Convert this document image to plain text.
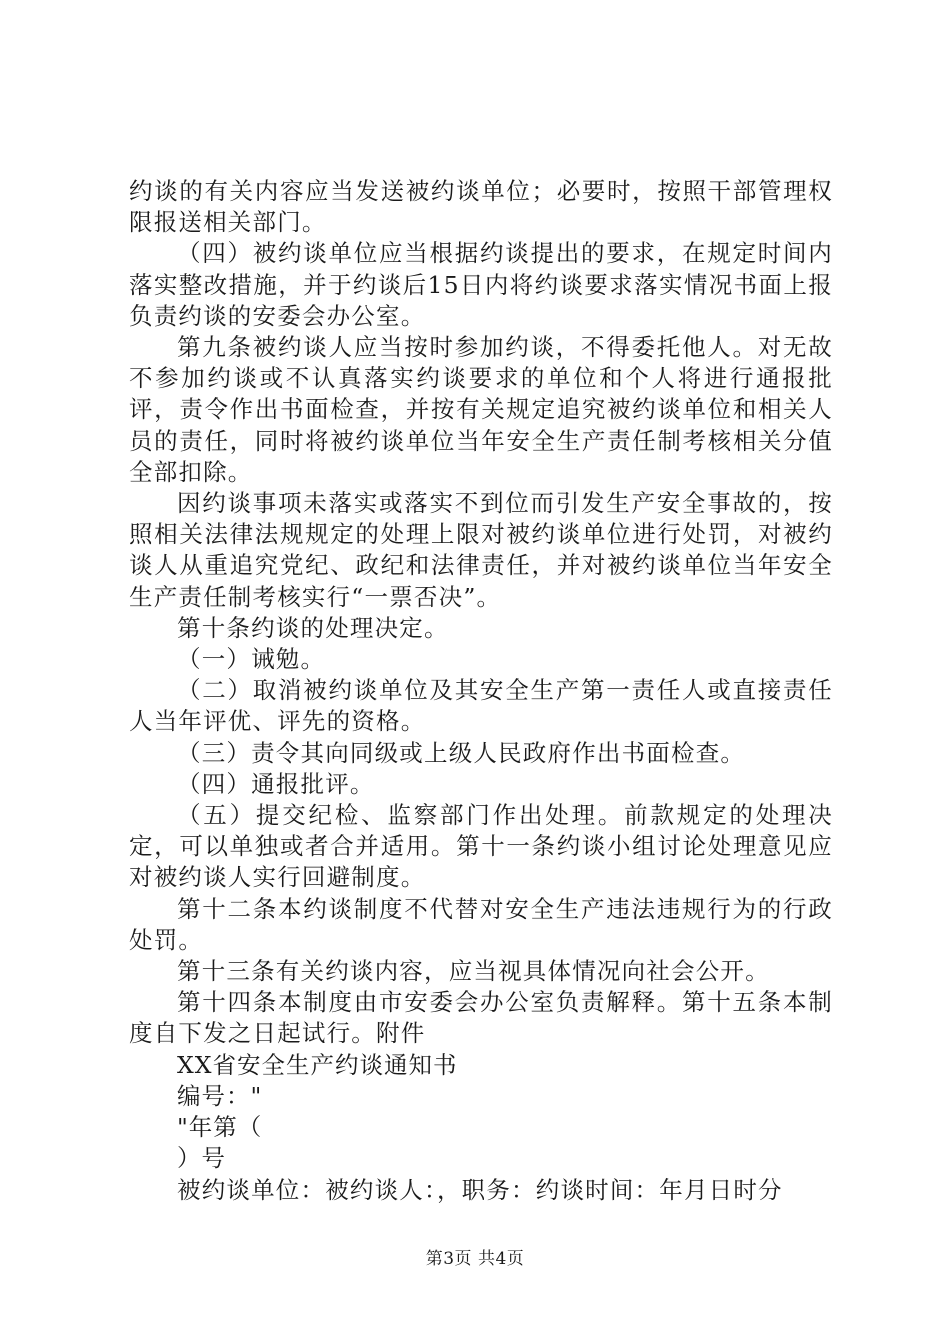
约谈的有关内容应当发送被约谈单位；必要时，按照干部管理权限报送相关部门。

（四）被约谈单位应当根据约谈提出的要求，在规定时间内落实整改措施，并于约谈后15日内将约谈要求落实情况书面上报负责约谈的安委会办公室。

第九条被约谈人应当按时参加约谈，不得委托他人。对无故不参加约谈或不认真落实约谈要求的单位和个人将进行通报批评，责令作出书面检查，并按有关规定追究被约谈单位和相关人员的责任，同时将被约谈单位当年安全生产责任制考核相关分值全部扣除。

因约谈事项未落实或落实不到位而引发生产安全事故的，按照相关法律法规规定的处理上限对被约谈单位进行处罚，对被约谈人从重追究党纪、政纪和法律责任，并对被约谈单位当年安全生产责任制考核实行“一票否决”。

第十条约谈的处理决定。

（一）诫勉。

（二）取消被约谈单位及其安全生产第一责任人或直接责任人当年评优、评先的资格。

（三）责令其向同级或上级人民政府作出书面检查。

（四）通报批评。

（五）提交纪检、监察部门作出处理。前款规定的处理决定，可以单独或者合并适用。第十一条约谈小组讨论处理意见应对被约谈人实行回避制度。

第十二条本约谈制度不代替对安全生产违法违规行为的行政处罚。

第十三条有关约谈内容，应当视具体情况向社会公开。

第十四条本制度由市安委会办公室负责解释。第十五条本制度自下发之日起试行。附件

XX省安全生产约谈通知书

编号："

"年第（

）号

被约谈单位：被约谈人：，职务：约谈时间：年月日时分

第3页 共4页
